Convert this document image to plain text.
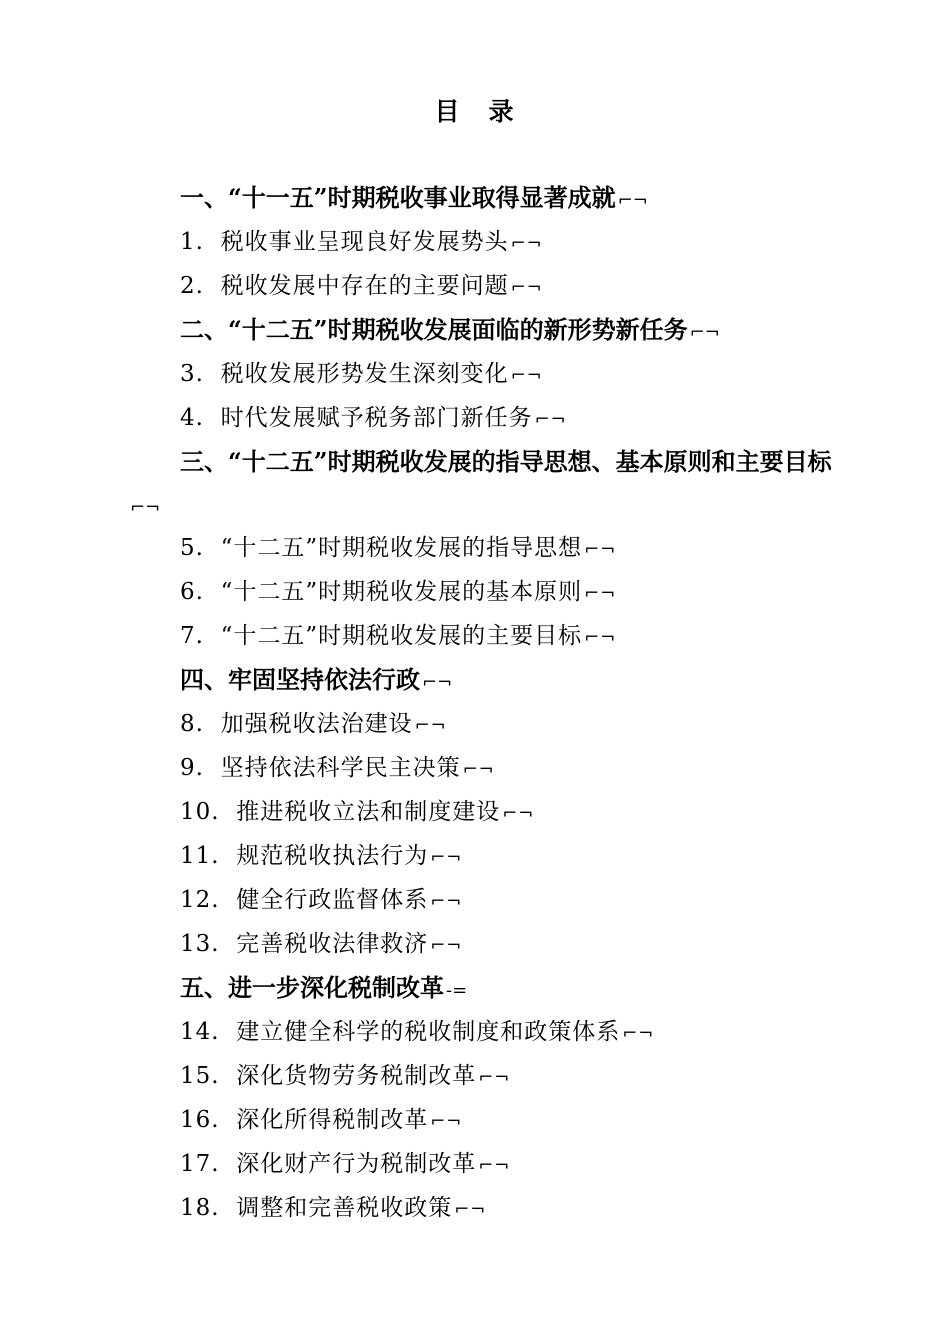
目　录
一、“十一五”时期税收事业取得显著成就 ⌐¬
1. 税收事业呈现良好发展势头 ⌐¬
2. 税收发展中存在的主要问题 ⌐¬
二、“十二五”时期税收发展面临的新形势新任务 ⌐¬
3. 税收发展形势发生深刻变化 ⌐¬
4. 时代发展赋予税务部门新任务 ⌐¬
三、“十二五”时期税收发展的指导思想、基本原则和主要目标⌐¬
5. “十二五”时期税收发展的指导思想 ⌐¬
6. “十二五”时期税收发展的基本原则 ⌐¬
7. “十二五”时期税收发展的主要目标 ⌐¬
四、牢固坚持依法行政 ⌐¬
8. 加强税收法治建设 ⌐¬
9. 坚持依法科学民主决策 ⌐¬
10. 推进税收立法和制度建设 ⌐¬
11. 规范税收执法行为 ⌐¬
12. 健全行政监督体系 ⌐¬
13. 完善税收法律救济 ⌐¬
五、进一步深化税制改革 -=
14. 建立健全科学的税收制度和政策体系 ⌐¬
15. 深化货物劳务税制改革 ⌐¬
16. 深化所得税制改革 ⌐¬
17. 深化财产行为税制改革 ⌐¬
18. 调整和完善税收政策 ⌐¬
